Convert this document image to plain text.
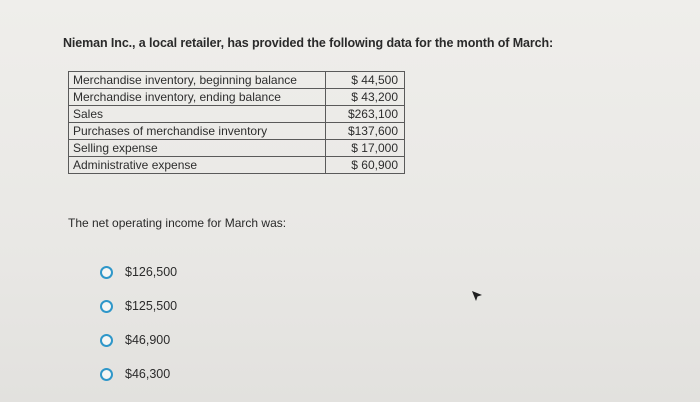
Nieman Inc., a local retailer, has provided the following data for the month of March:
Merchandise inventory, beginning balance	$ 44,500
Merchandise inventory, ending balance	$ 43,200
Sales	$263,100
Purchases of merchandise inventory	$137,600
Selling expense	$ 17,000
Administrative expense	$ 60,900
The net operating income for March was:
$126,500
$125,500
$46,900
$46,300
